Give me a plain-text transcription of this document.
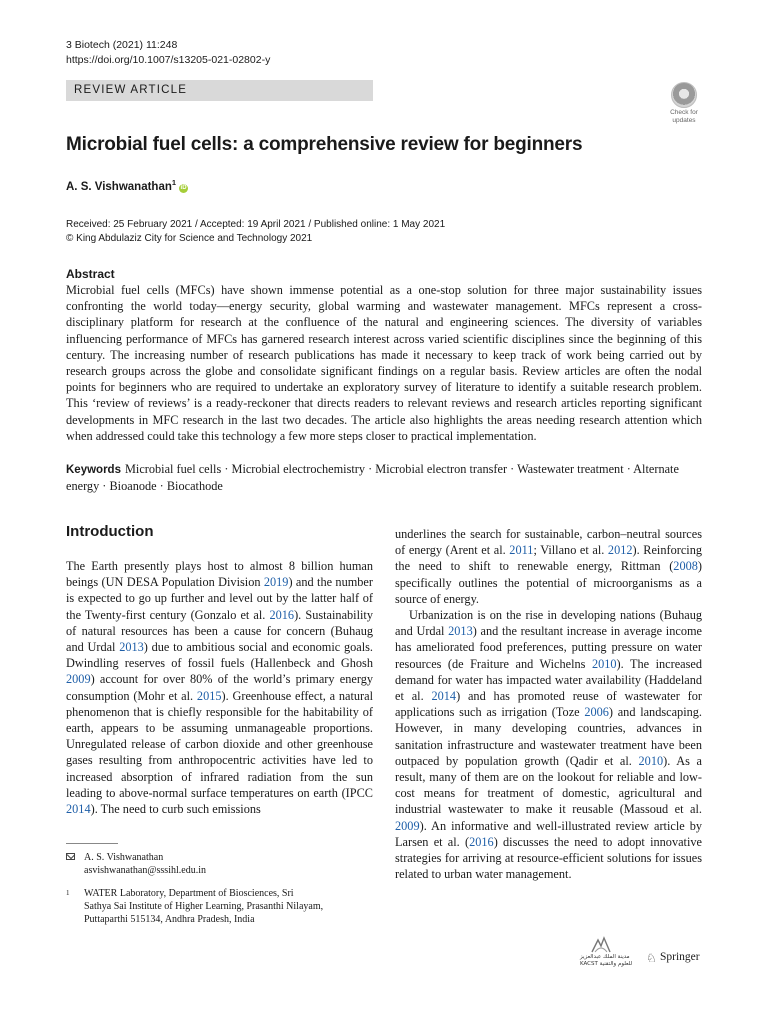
3 Biotech (2021) 11:248
https://doi.org/10.1007/s13205-021-02802-y
REVIEW ARTICLE
Check for
updates
Microbial fuel cells: a comprehensive review for beginners
A. S. Vishwanathan$^1$iD
Received: 25 February 2021 / Accepted: 19 April 2021 / Published online: 1 May 2021
© King Abdulaziz City for Science and Technology 2021
Abstract
Microbial fuel cells (MFCs) have shown immense potential as a one-stop solution for three major sustainability issues confronting the world today—energy security, global warming and wastewater management. MFCs represent a cross-disciplinary platform for research at the confluence of the natural and engineering sciences. The diversity of variables influencing performance of MFCs has garnered research interest across varied scientific disciplines since the beginning of this century. The increasing number of research publications has made it necessary to keep track of work being carried out by research groups across the globe and consolidate significant findings on a regular basis. Review articles are often the nodal points for beginners who are required to undertake an exploratory survey of literature to identify a suitable research problem. This ‘review of reviews’ is a ready-reckoner that directs readers to relevant reviews and research articles reporting significant developments in MFC research in the last two decades. The article also highlights the areas needing research attention which when addressed could take this technology a few more steps closer to practical implementation.
Keywords Microbial fuel cells · Microbial electrochemistry · Microbial electron transfer · Wastewater treatment · Alternate energy · Bioanode · Biocathode
Introduction

The Earth presently plays host to almost 8 billion human beings (UN DESA Population Division 2019) and the number is expected to go up further and level out by the latter half of the Twenty-first century (Gonzalo et al. 2016). Sustainability of natural resources has been a cause for concern (Buhaug and Urdal 2013) due to ambitious social and economic goals. Dwindling reserves of fossil fuels (Hallenbeck and Ghosh 2009) account for over 80% of the world’s primary energy consumption (Mohr et al. 2015). Greenhouse effect, a natural phenomenon that is chiefly responsible for the habitability of earth, appears to be assuming unmanageable proportions. Unregulated release of carbon dioxide and other greenhouse gases resulting from anthropocentric activities have led to increased absorption of infrared radiation from the sun leading to above-normal surface temperatures on earth (IPCC 2014). The need to curb such emissions

underlines the search for sustainable, carbon–neutral sources of energy (Arent et al. 2011; Villano et al. 2012). Reinforcing the need to shift to renewable energy, Rittman (2008) specifically outlines the potential of microorganisms as a source of energy.

Urbanization is on the rise in developing nations (Buhaug and Urdal 2013) and the resultant increase in average income has ameliorated food preferences, putting pressure on water resources (de Fraiture and Wichelns 2010). The increased demand for water has impacted water availability (Haddeland et al. 2014) and has promoted reuse of wastewater for applications such as irrigation (Toze 2006) and landscaping. However, in many developing countries, advances in sanitation infrastructure and wastewater treatment have been outpaced by population growth (Qadir et al. 2010). As a result, many of them are on the lookout for reliable and low-cost means for treatment of domestic, agricultural and industrial wastewater to make it reusable (Massoud et al. 2009). An informative and well-illustrated review article by Larsen et al. (2016) discusses the need to adopt innovative strategies for arriving at resource-efficient solutions for issues related to urban water management.

A. S. Vishwanathan
asvishwanathan@sssihl.edu.in
1 WATER Laboratory, Department of Biosciences, Sri
Sathya Sai Institute of Higher Learning, Prasanthi Nilayam,
Puttaparthi 515134, Andhra Pradesh, India
مدينة الملك عبدالعزيز
KACST للعلوم والتقنية ♘ Springer
